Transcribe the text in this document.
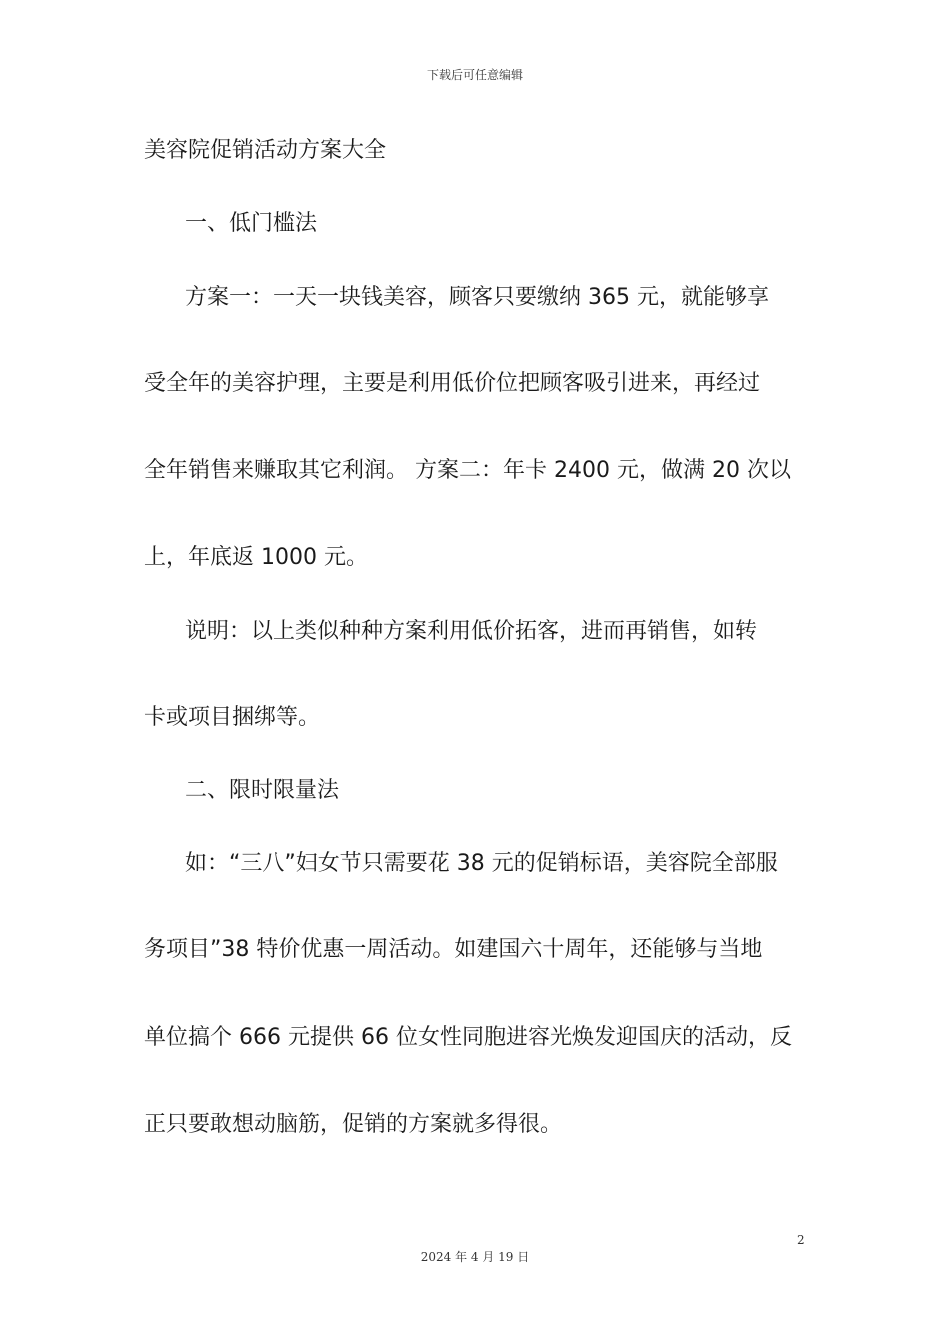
下载后可任意编辑
美容院促销活动方案大全
一、低门槛法
方案一：一天一块钱美容，顾客只要缴纳 365 元，就能够享
受全年的美容护理，主要是利用低价位把顾客吸引进来，再经过
全年销售来赚取其它利润。 方案二：年卡 2400 元，做满 20 次以
上，年底返 1000 元。
说明：以上类似种种方案利用低价拓客，进而再销售，如转
卡或项目捆绑等。
二、限时限量法
如：“三八”妇女节只需要花 38 元的促销标语，美容院全部服
务项目”38 特价优惠一周活动。如建国六十周年，还能够与当地
单位搞个 666 元提供 66 位女性同胞进容光焕发迎国庆的活动，反
正只要敢想动脑筋，促销的方案就多得很。
2
2024 年 4 月 19 日
